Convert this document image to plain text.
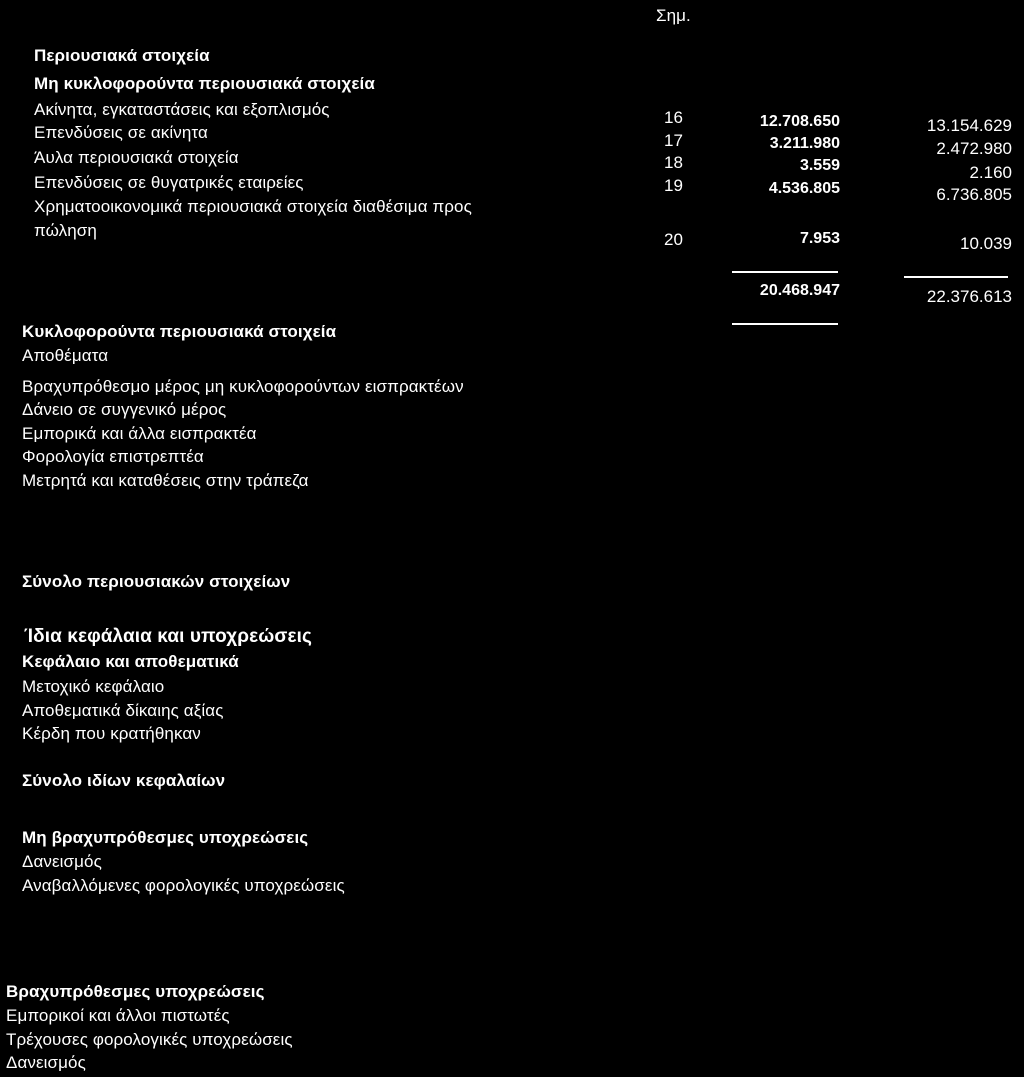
Σημ.
Περιουσιακά στοιχεία
Μη κυκλοφορούντα περιουσιακά στοιχεία
Ακίνητα, εγκαταστάσεις και εξοπλισμός	16	12.708.650	13.154.629
Επενδύσεις σε ακίνητα	17	3.211.980	2.472.980
Άυλα περιουσιακά στοιχεία	18	3.559	2.160
Επενδύσεις σε θυγατρικές εταιρείες	19	4.536.805	6.736.805
Χρηματοοικονομικά περιουσιακά στοιχεία διαθέσιμα προς
πώληση	20	7.953	10.039
20.468.947	22.376.613
Κυκλοφορούντα περιουσιακά στοιχεία
Αποθέματα
Βραχυπρόθεσμο μέρος μη κυκλοφορούντων εισπρακτέων
Δάνειο σε συγγενικό μέρος
Εμπορικά και άλλα εισπρακτέα
Φορολογία επιστρεπτέα
Μετρητά και καταθέσεις στην τράπεζα
Σύνολο περιουσιακών στοιχείων
Ίδια κεφάλαια και υποχρεώσεις
Κεφάλαιο και αποθεματικά
Μετοχικό κεφάλαιο
Αποθεματικά δίκαιης αξίας
Κέρδη που κρατήθηκαν
Σύνολο ιδίων κεφαλαίων
Μη βραχυπρόθεσμες υποχρεώσεις
Δανεισμός
Αναβαλλόμενες φορολογικές υποχρεώσεις
Βραχυπρόθεσμες υποχρεώσεις
Εμπορικοί και άλλοι πιστωτές
Τρέχουσες φορολογικές υποχρεώσεις
Δανεισμός
